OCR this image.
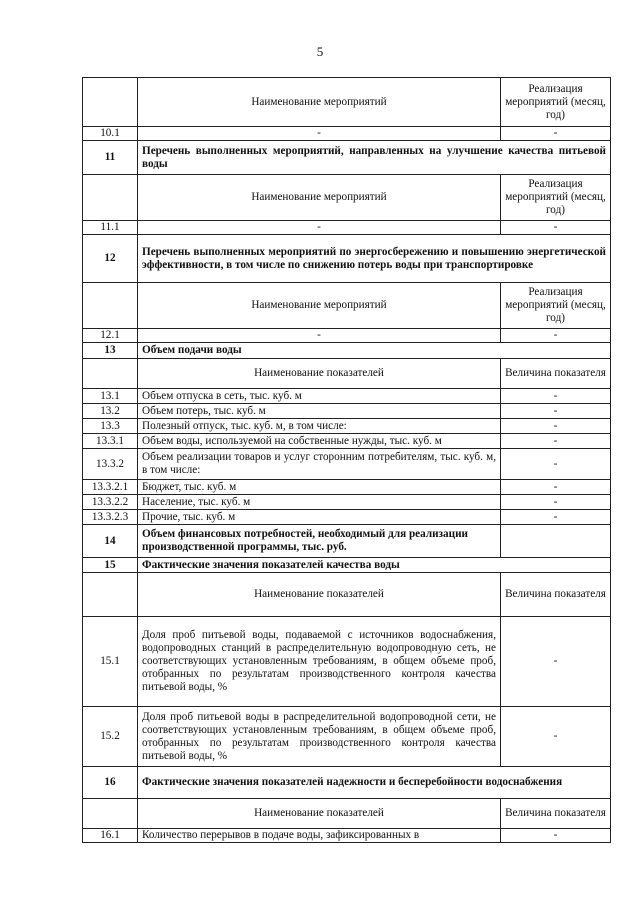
5
	Наименование мероприятий	Реализация мероприятий (месяц, год)
10.1	-	-
11	Перечень выполненных мероприятий, направленных на улучшение качества питьевой воды	
	Наименование мероприятий	Реализация мероприятий (месяц, год)
11.1	-	-
12	Перечень выполненных мероприятий по энергосбережению и повышению энергетической эффективности, в том числе по снижению потерь воды при транспортировке	
	Наименование мероприятий	Реализация мероприятий (месяц, год)
12.1	-	-
13	Объем подачи воды	
	Наименование показателей	Величина показателя
13.1	Объем отпуска в сеть, тыс. куб. м	-
13.2	Объем потерь, тыс. куб. м	-
13.3	Полезный отпуск, тыс. куб. м, в том числе:	-
13.3.1	Объем воды, используемой на собственные нужды, тыс. куб. м	-
13.3.2	Объем реализации товаров и услуг сторонним потребителям, тыс. куб. м, в том числе:	-
13.3.2.1	Бюджет, тыс. куб. м	-
13.3.2.2	Население, тыс. куб. м	-
13.3.2.3	Прочие, тыс. куб. м	-
14	Объем финансовых потребностей, необходимый для реализации производственной программы, тыс. руб.	
15	Фактические значения показателей качества воды	
	Наименование показателей	Величина показателя
15.1	Доля проб питьевой воды, подаваемой с источников водоснабжения, водопроводных станций в распределительную водопроводную сеть, не соответствующих установленным требованиям, в общем объеме проб, отобранных по результатам производственного контроля качества питьевой воды, %	-
15.2	Доля проб питьевой воды в распределительной водопроводной сети, не соответствующих установленным требованиям, в общем объеме проб, отобранных по результатам производственного контроля качества питьевой воды, %	-
16	Фактические значения показателей надежности и бесперебойности водоснабжения	
	Наименование показателей	Величина показателя
16.1	Количество перерывов в подаче воды, зафиксированных в	-
